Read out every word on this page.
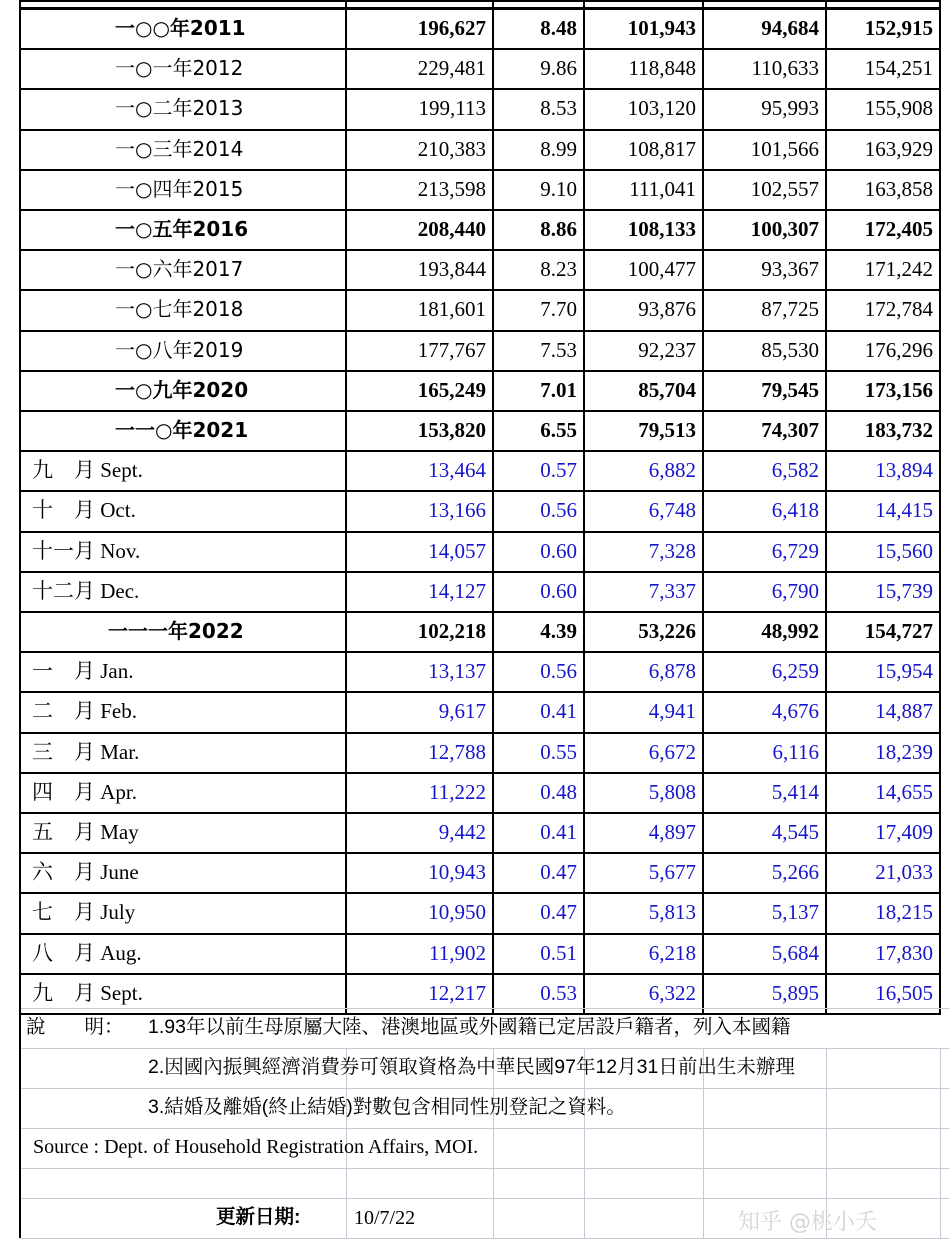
一○○年2011	196,627	8.48	101,943	94,684	152,915
一○一年2012	229,481	9.86	118,848	110,633	154,251
一○二年2013	199,113	8.53	103,120	95,993	155,908
一○三年2014	210,383	8.99	108,817	101,566	163,929
一○四年2015	213,598	9.10	111,041	102,557	163,858
一○五年2016	208,440	8.86	108,133	100,307	172,405
一○六年2017	193,844	8.23	100,477	93,367	171,242
一○七年2018	181,601	7.70	93,876	87,725	172,784
一○八年2019	177,767	7.53	92,237	85,530	176,296
一○九年2020	165,249	7.01	85,704	79,545	173,156
一一○年2021	153,820	6.55	79,513	74,307	183,732
九　月 Sept.	13,464	0.57	6,882	6,582	13,894
十　月 Oct.	13,166	0.56	6,748	6,418	14,415
十一月 Nov.	14,057	0.60	7,328	6,729	15,560
十二月 Dec.	14,127	0.60	7,337	6,790	15,739
一一一年2022	102,218	4.39	53,226	48,992	154,727
一　月 Jan.	13,137	0.56	6,878	6,259	15,954
二　月 Feb.	9,617	0.41	4,941	4,676	14,887
三　月 Mar.	12,788	0.55	6,672	6,116	18,239
四　月 Apr.	11,222	0.48	5,808	5,414	14,655
五　月 May	9,442	0.41	4,897	4,545	17,409
六　月 June	10,943	0.47	5,677	5,266	21,033
七　月 July	10,950	0.47	5,813	5,137	18,215
八　月 Aug.	11,902	0.51	6,218	5,684	17,830
九　月 Sept.	12,217	0.53	6,322	5,895	16,505
說　　明： 1.93年以前生母原屬大陸、港澳地區或外國籍已定居設戶籍者，列入本國籍
2.因國內振興經濟消費券可領取資格為中華民國97年12月31日前出生未辦理
3.結婚及離婚(終止結婚)對數包含相同性別登記之資料。
Source : Dept. of Household Registration Affairs, MOI.
更新日期:	10/7/22	知乎 @桃小夭
